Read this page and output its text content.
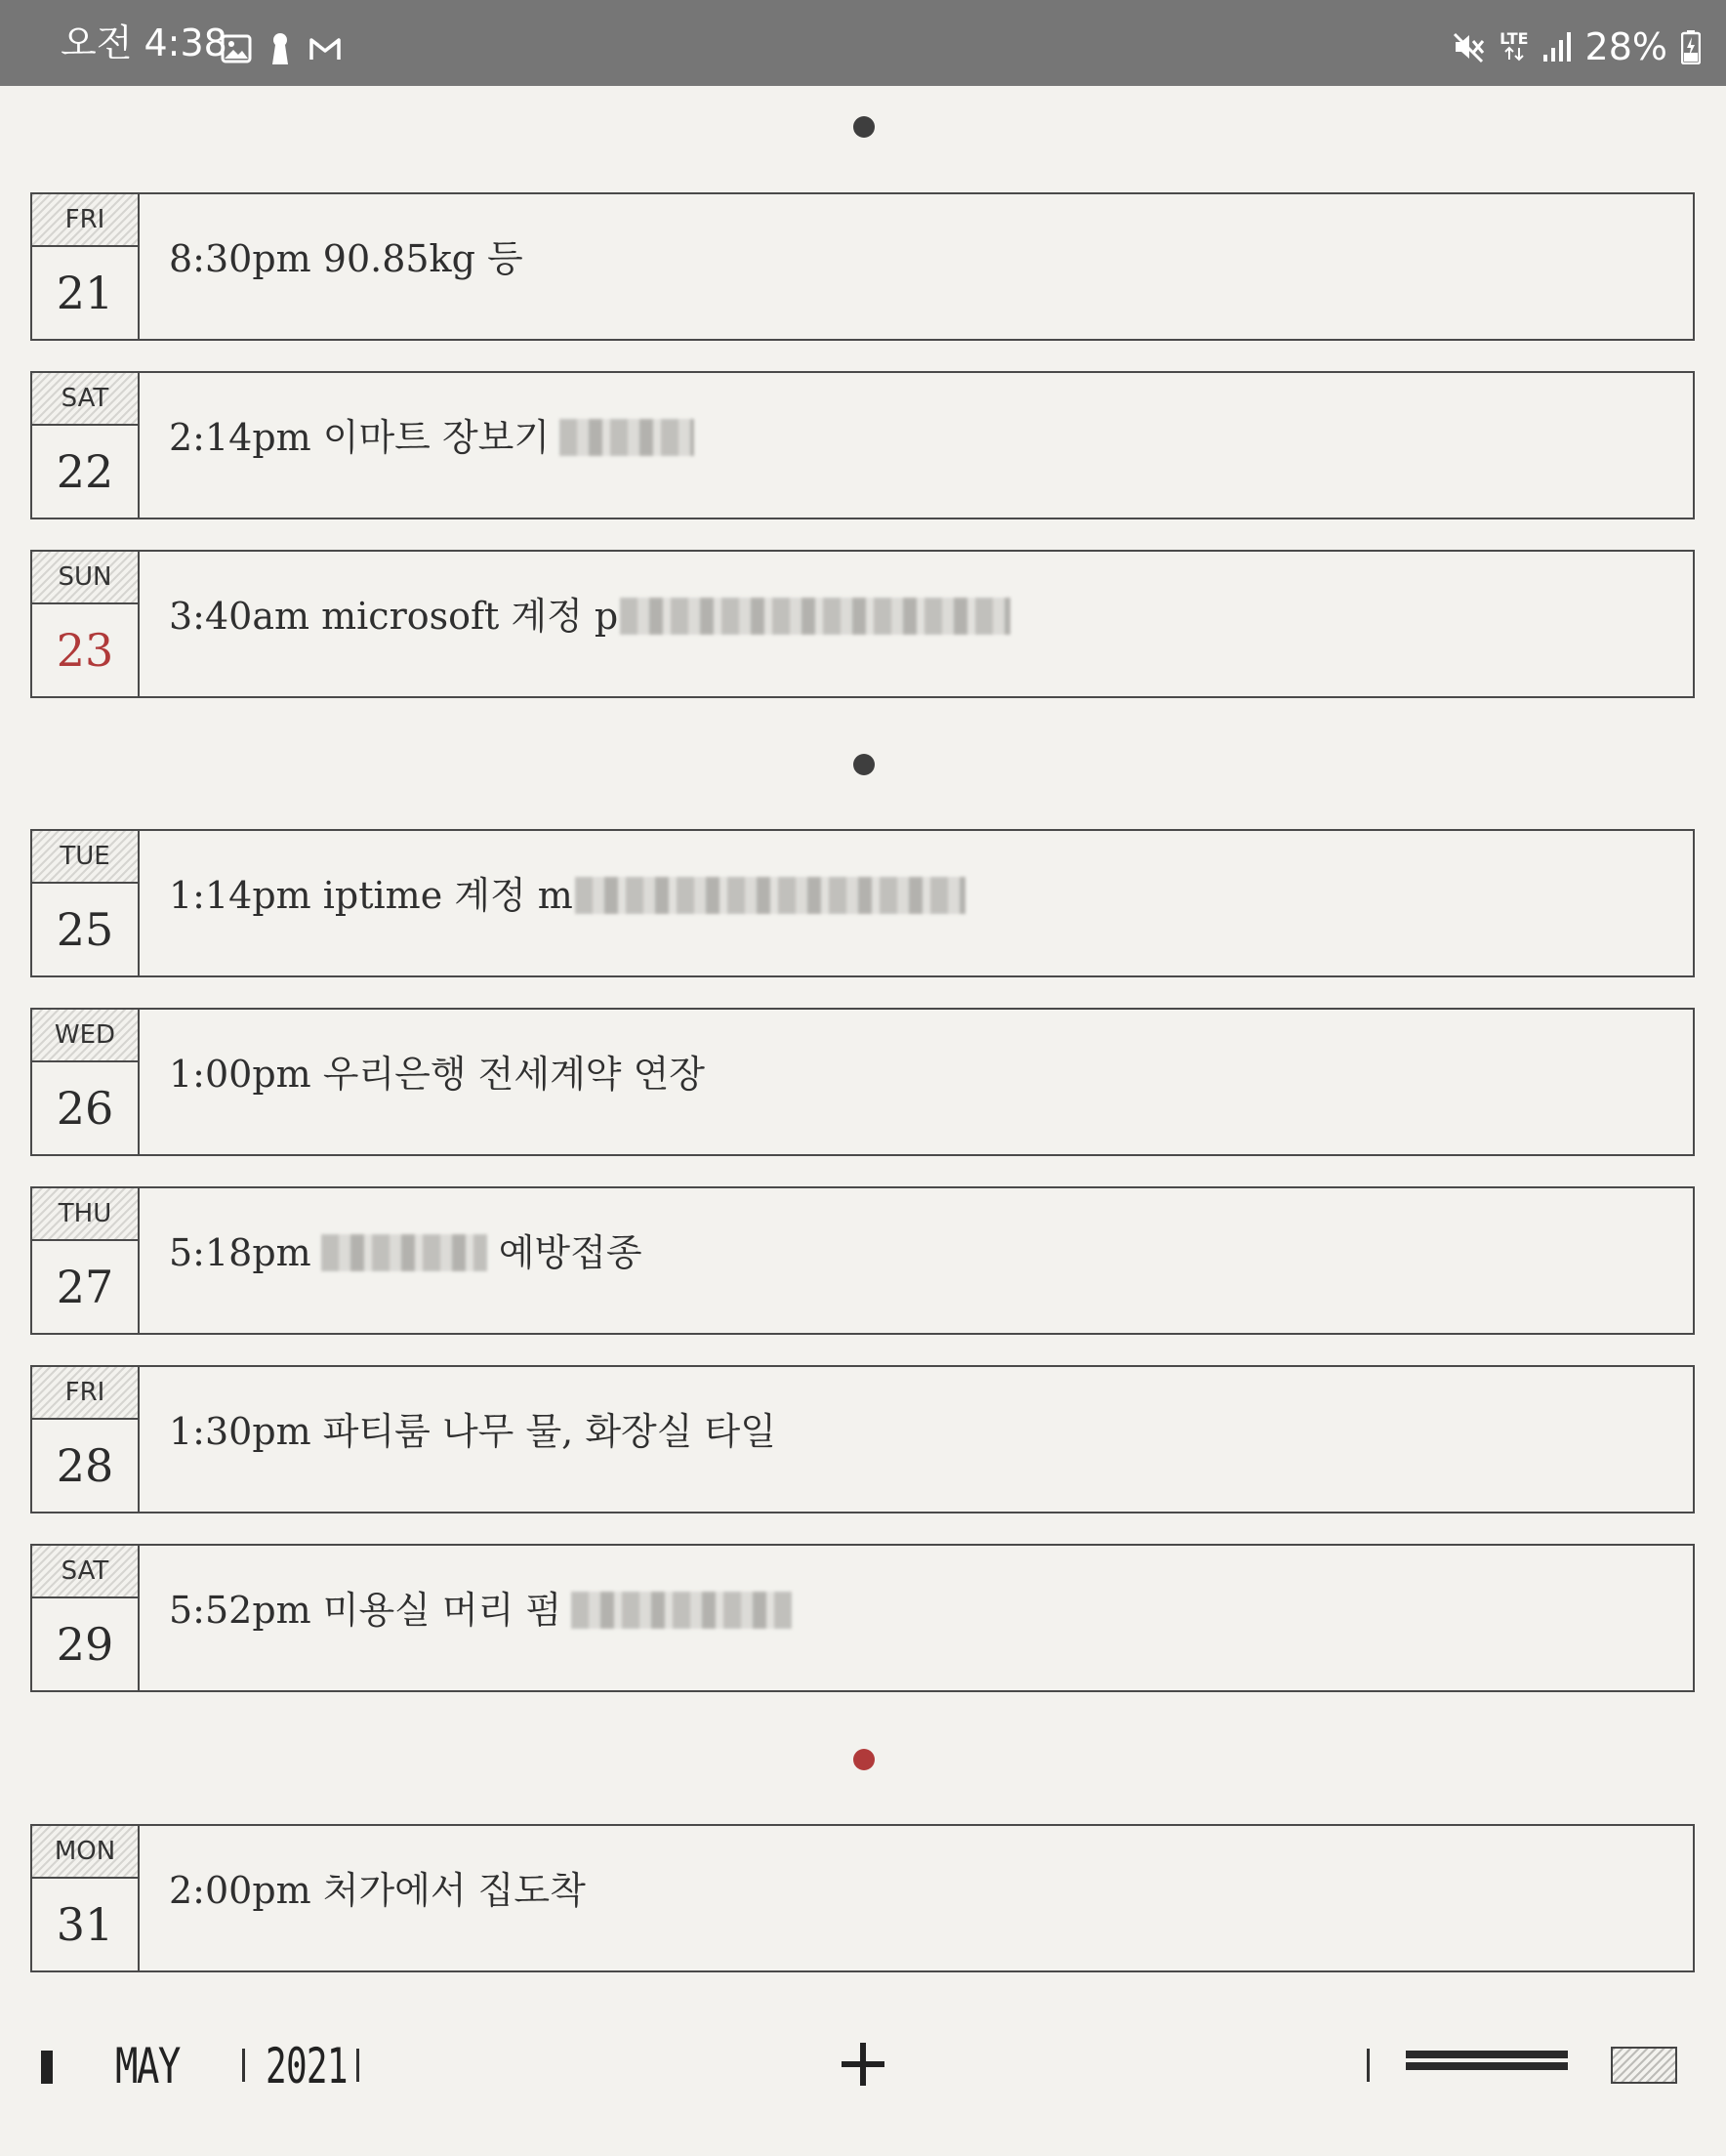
오전 4:38	LTE 28%
FRI
21
8:30pm 90.85kg 등
SAT
22
2:14pm 이마트 장보기
SUN
23
3:40am microsoft 계정 p
TUE
25
1:14pm iptime 계정 m
WED
26
1:00pm 우리은행 전세계약 연장
THU
27
5:18pm	예방접종
FRI
28
1:30pm 파티룸 나무 물, 화장실 타일
SAT
29
5:52pm 미용실 머리 펌
MON
31
2:00pm 처가에서 집도착
MAY 2021
